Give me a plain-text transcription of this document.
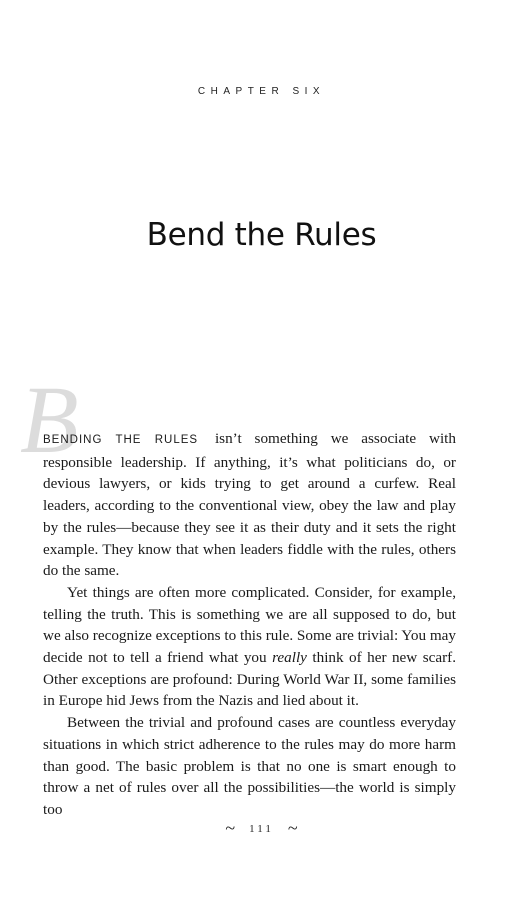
CHAPTER SIX
Bend the Rules
B

BENDING THE RULES isn’t something we associate with responsible leadership. If anything, it’s what politicians do, or devious lawyers, or kids trying to get around a curfew. Real leaders, according to the conventional view, obey the law and play by the rules—because they see it as their duty and it sets the right example. They know that when leaders fiddle with the rules, others do the same.

Yet things are often more complicated. Consider, for example, telling the truth. This is something we are all supposed to do, but we also recognize exceptions to this rule. Some are trivial: You may decide not to tell a friend what you really think of her new scarf. Other exceptions are profound: During World War II, some families in Europe hid Jews from the Nazis and lied about it.

Between the trivial and profound cases are countless everyday situations in which strict adherence to the rules may do more harm than good. The basic problem is that no one is smart enough to throw a net of rules over all the possibilities—the world is simply too

~ 111 ~
